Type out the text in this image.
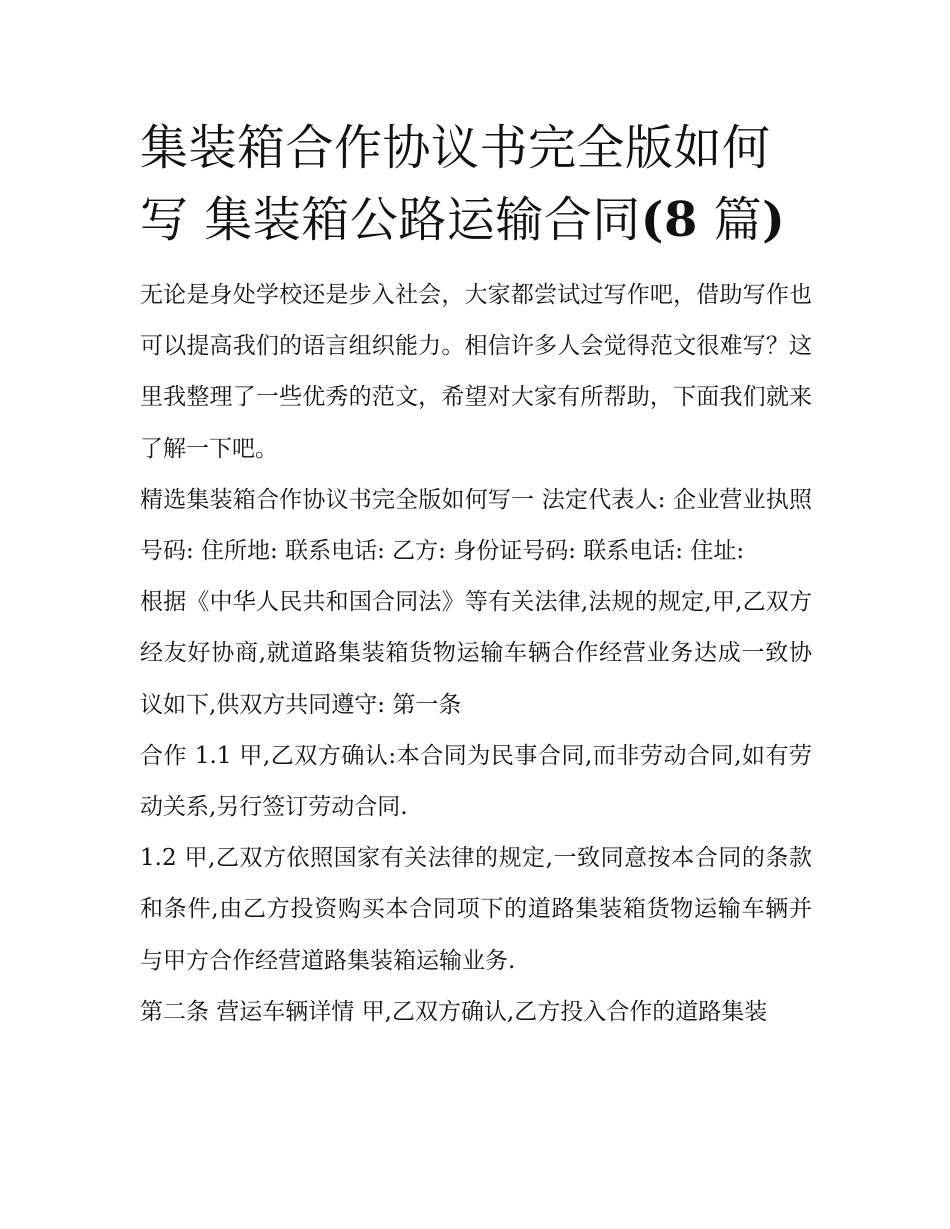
集装箱合作协议书完全版如何写 集装箱公路运输合同(8 篇)

无论是身处学校还是步入社会，大家都尝试过写作吧，借助写作也可以提高我们的语言组织能力。相信许多人会觉得范文很难写？这里我整理了一些优秀的范文，希望对大家有所帮助，下面我们就来了解一下吧。

精选集装箱合作协议书完全版如何写一 法定代表人: 企业营业执照号码: 住所地: 联系电话: 乙方: 身份证号码: 联系电话: 住址:

根据《中华人民共和国合同法》等有关法律,法规的规定,甲,乙双方经友好协商,就道路集装箱货物运输车辆合作经营业务达成一致协议如下,供双方共同遵守: 第一条

合作 1.1 甲,乙双方确认:本合同为民事合同,而非劳动合同,如有劳动关系,另行签订劳动合同.

1.2 甲,乙双方依照国家有关法律的规定,一致同意按本合同的条款和条件,由乙方投资购买本合同项下的道路集装箱货物运输车辆并与甲方合作经营道路集装箱运输业务.

第二条 营运车辆详情 甲,乙双方确认,乙方投入合作的道路集装
